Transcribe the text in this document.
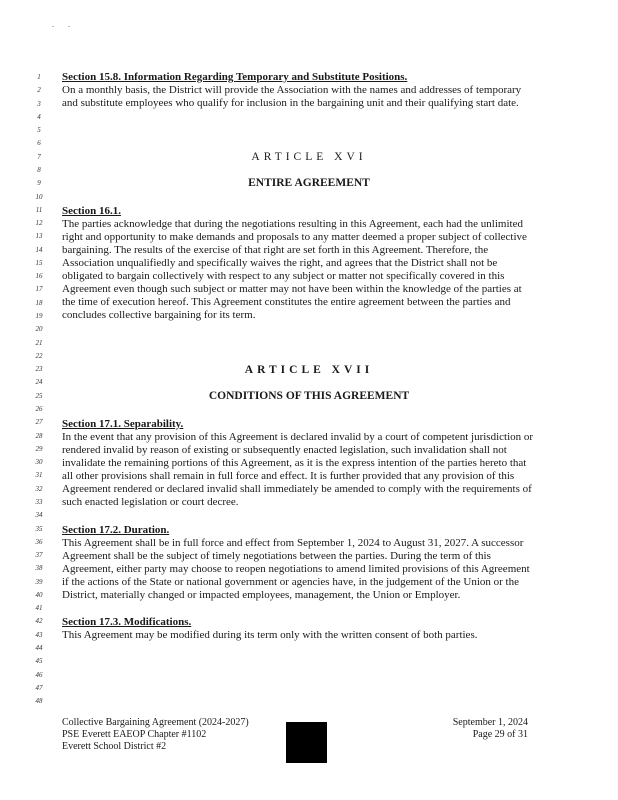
. .
1
2
3
4
5
6
7
8
9
10
11
12
13
14
15
16
17
18
19
20
21
22
23
24
25
26
27
28
29
30
31
32
33
34
35
36
37
38
39
40
41
42
43
44
45
46
47
48
Section 15.8. Information Regarding Temporary and Substitute Positions.
On a monthly basis, the District will provide the Association with the names and addresses of temporary
and substitute employees who qualify for inclusion in the bargaining unit and their qualifying start date.
ARTICLE XVI
ENTIRE AGREEMENT
Section 16.1.
The parties acknowledge that during the negotiations resulting in this Agreement, each had the unlimited
right and opportunity to make demands and proposals to any matter deemed a proper subject of collective
bargaining. The results of the exercise of that right are set forth in this Agreement. Therefore, the
Association unqualifiedly and specifically waives the right, and agrees that the District shall not be
obligated to bargain collectively with respect to any subject or matter not specifically covered in this
Agreement even though such subject or matter may not have been within the knowledge of the parties at
the time of execution hereof. This Agreement constitutes the entire agreement between the parties and
concludes collective bargaining for its term.
ARTICLE XVII
CONDITIONS OF THIS AGREEMENT
Section 17.1. Separability.
In the event that any provision of this Agreement is declared invalid by a court of competent jurisdiction or
rendered invalid by reason of existing or subsequently enacted legislation, such invalidation shall not
invalidate the remaining portions of this Agreement, as it is the express intention of the parties hereto that
all other provisions shall remain in full force and effect. It is further provided that any provision of this
Agreement rendered or declared invalid shall immediately be amended to comply with the requirements of
such enacted legislation or court decree.
Section 17.2. Duration.
This Agreement shall be in full force and effect from September 1, 2024 to August 31, 2027. A successor
Agreement shall be the subject of timely negotiations between the parties. During the term of this
Agreement, either party may choose to reopen negotiations to amend limited provisions of this Agreement
if the actions of the State or national government or agencies have, in the judgement of the Union or the
District, materially changed or impacted employees, management, the Union or Employer.
Section 17.3. Modifications.
This Agreement may be modified during its term only with the written consent of both parties.
Collective Bargaining Agreement (2024-2027)
PSE Everett EAEOP Chapter #1102
Everett School District #2
September 1, 2024
Page 29 of 31
